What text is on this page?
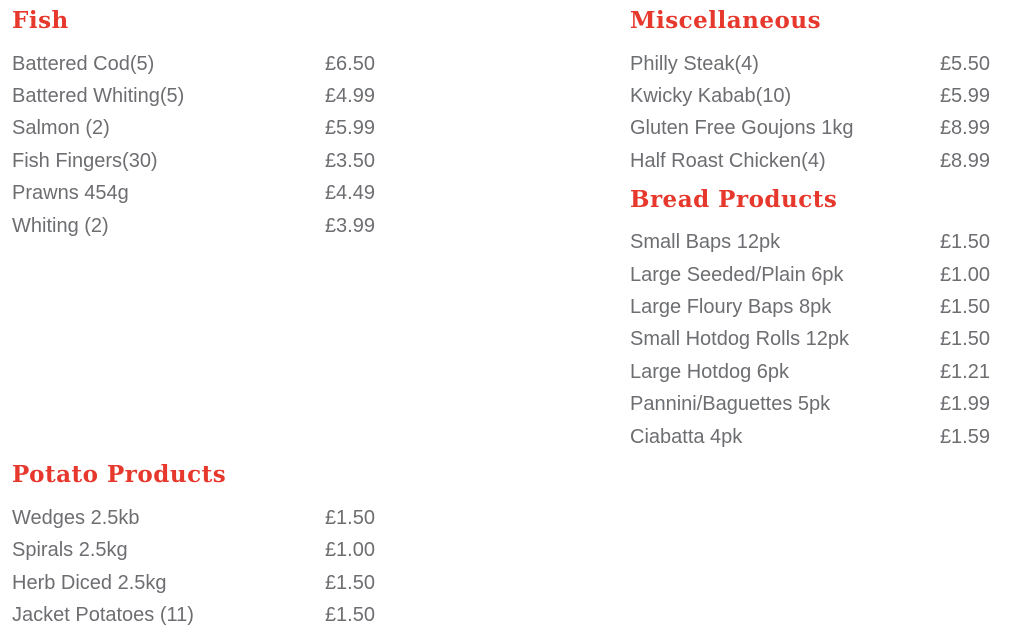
Fish
Battered Cod(5)	£6.50
Battered Whiting(5)	£4.99
Salmon (2)	£5.99
Fish Fingers(30)	£3.50
Prawns 454g	£4.49
Whiting (2)	£3.99
Potato Products
Wedges 2.5kb	£1.50
Spirals 2.5kg	£1.00
Herb Diced 2.5kg	£1.50
Jacket Potatoes (11)	£1.50
Miscellaneous
Philly Steak(4)	£5.50
Kwicky Kabab(10)	£5.99
Gluten Free Goujons 1kg	£8.99
Half Roast Chicken(4)	£8.99
Bread Products
Small Baps 12pk	£1.50
Large Seeded/Plain 6pk	£1.00
Large Floury Baps 8pk	£1.50
Small Hotdog Rolls 12pk	£1.50
Large Hotdog 6pk	£1.21
Pannini/Baguettes 5pk	£1.99
Ciabatta 4pk	£1.59
